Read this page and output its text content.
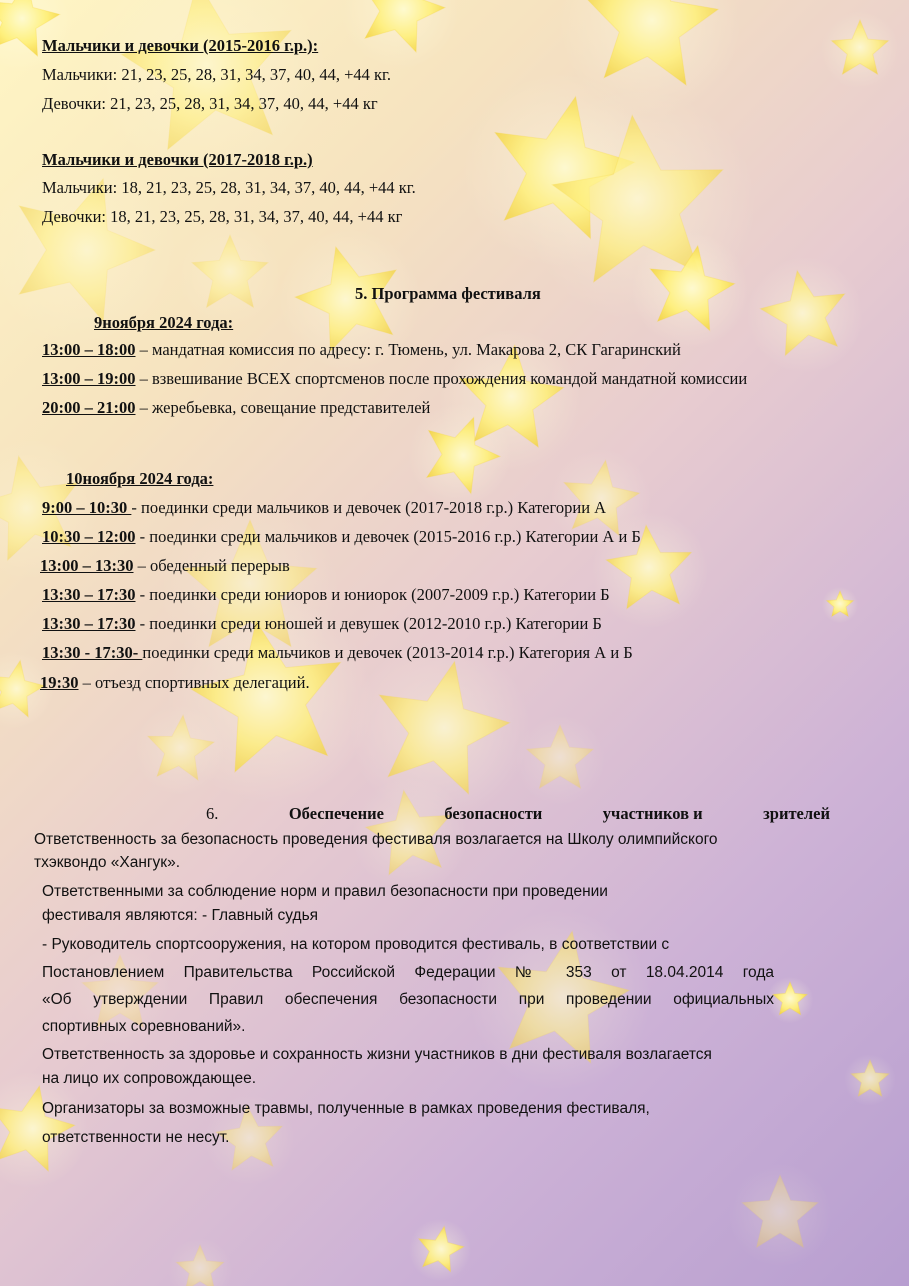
Мальчики и девочки (2015-2016 г.р.):
Мальчики: 21, 23, 25, 28, 31, 34, 37, 40, 44, +44 кг.
Девочки: 21, 23, 25, 28, 31, 34, 37, 40, 44, +44 кг
Мальчики и девочки (2017-2018 г.р.)
Мальчики: 18, 21, 23, 25, 28, 31, 34, 37, 40, 44, +44 кг.
Девочки: 18, 21, 23, 25, 28, 31, 34, 37, 40, 44, +44 кг
5. Программа фестиваля
9ноября 2024 года:
13:00 – 18:00 – мандатная комиссия по адресу: г. Тюмень, ул. Макарова 2, СК Гагаринский
13:00 – 19:00 – взвешивание ВСЕХ спортсменов после прохождения командой мандатной комиссии
20:00 – 21:00 – жеребьевка, совещание представителей
10ноября 2024 года:
9:00 – 10:30 - поединки среди мальчиков и девочек (2017-2018 г.р.) Категории А
10:30 – 12:00 - поединки среди мальчиков и девочек (2015-2016 г.р.) Категории А и Б
13:00 – 13:30 – обеденный перерыв
13:30 – 17:30 - поединки среди юниоров и юниорок (2007-2009 г.р.) Категории Б
13:30 – 17:30 - поединки среди юношей и девушек (2012-2010 г.р.) Категории Б
13:30 - 17:30- поединки среди мальчиков и девочек (2013-2014 г.р.) Категория А и Б
19:30 – отъезд спортивных делегаций.
6.	Обеспечение	безопасности	участников и	зрителей
Ответственность за безопасность проведения фестиваля возлагается на Школу олимпийского
тхэквондо «Хангук».
Ответственными за соблюдение норм и правил безопасности при проведении
фестиваля являются: - Главный судья
- Руководитель спортсооружения, на котором проводится фестиваль, в соответствии с
Постановлением Правительства Российской Федерации № 353 от 18.04.2014 года
«Об утверждении Правил обеспечения безопасности при проведении официальных
спортивных соревнований».
Ответственность за здоровье и сохранность жизни участников в дни фестиваля возлагается
на лицо их сопровождающее.
Организаторы за возможные травмы, полученные в рамках проведения фестиваля,
ответственности не несут.
